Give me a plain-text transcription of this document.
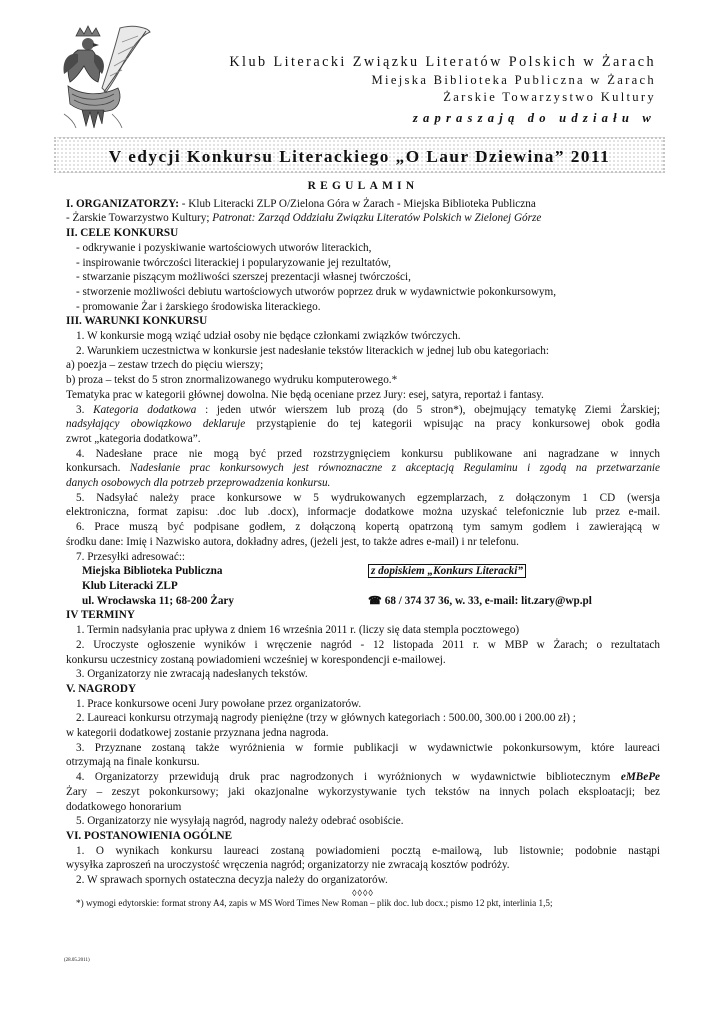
Klub Literacki Związku Literatów Polskich w Żarach
Miejska Biblioteka Publiczna w Żarach
Żarskie Towarzystwo Kultury
zapraszają do udziału w
V edycji Konkursu Literackiego „O Laur Dziewina” 2011
REGULAMIN
I. ORGANIZATORZY: - Klub Literacki ZLP O/Zielona Góra w Żarach - Miejska Biblioteka Publiczna
- Żarskie Towarzystwo Kultury; Patronat: Zarząd Oddziału Związku Literatów Polskich w Zielonej Górze
II. CELE KONKURSU
- odkrywanie i pozyskiwanie wartościowych utworów literackich,
- inspirowanie twórczości literackiej i popularyzowanie jej rezultatów,
- stwarzanie piszącym możliwości szerszej prezentacji własnej twórczości,
- stworzenie możliwości debiutu wartościowych utworów poprzez druk w wydawnictwie pokonkursowym,
- promowanie Żar i żarskiego środowiska literackiego.
III. WARUNKI KONKURSU
1. W konkursie mogą wziąć udział osoby nie będące członkami związków twórczych.
2. Warunkiem uczestnictwa w konkursie jest nadesłanie tekstów literackich w jednej lub obu kategoriach:
a) poezja – zestaw trzech do pięciu wierszy;
b) proza – tekst do 5 stron znormalizowanego wydruku komputerowego.*
Tematyka prac w kategorii głównej dowolna. Nie będą oceniane przez Jury: esej, satyra, reportaż i fantasy.
3. Kategoria dodatkowa : jeden utwór wierszem lub prozą (do 5 stron*), obejmujący tematykę Ziemi Żarskiej;
nadsyłający obowiązkowo deklaruje przystąpienie do tej kategorii wpisując na pracy konkursowej obok godła
zwrot „kategoria dodatkowa”.
4. Nadesłane prace nie mogą być przed rozstrzygnięciem konkursu publikowane ani nagradzane w innych
konkursach. Nadesłanie prac konkursowych jest równoznaczne z akceptacją Regulaminu i zgodą na przetwarzanie
danych osobowych dla potrzeb przeprowadzenia konkursu.
5. Nadsyłać należy prace konkursowe w 5 wydrukowanych egzemplarzach, z dołączonym 1 CD (wersja
elektroniczna, format zapisu: .doc lub .docx), informacje dodatkowe można uzyskać telefonicznie lub przez e-mail.
6. Prace muszą być podpisane godłem, z dołączoną kopertą opatrzoną tym samym godłem i zawierającą w
środku dane: Imię i Nazwisko autora, dokładny adres, (jeżeli jest, to także adres e-mail) i nr telefonu.
7. Przesyłki adresować::
Miejska Biblioteka Publiczna	z dopiskiem „Konkurs Literacki”
Klub Literacki ZLP
ul. Wrocławska 11; 68-200 Żary	☎ 68 / 374 37 36, w. 33, e-mail: lit.zary@wp.pl
IV TERMINY
1. Termin nadsyłania prac upływa z dniem 16 września 2011 r. (liczy się data stempla pocztowego)
2. Uroczyste ogłoszenie wyników i wręczenie nagród - 12 listopada 2011 r. w MBP w Żarach; o rezultatach
konkursu uczestnicy zostaną powiadomieni wcześniej w korespondencji e-mailowej.
3. Organizatorzy nie zwracają nadesłanych tekstów.
V. NAGRODY
1. Prace konkursowe oceni Jury powołane przez organizatorów.
2. Laureaci konkursu otrzymają nagrody pieniężne (trzy w głównych kategoriach : 500.00, 300.00 i 200.00 zł) ;
w kategorii dodatkowej zostanie przyznana jedna nagroda.
3. Przyznane zostaną także wyróżnienia w formie publikacji w wydawnictwie pokonkursowym, które laureaci
otrzymają na finale konkursu.
4. Organizatorzy przewidują druk prac nagrodzonych i wyróżnionych w wydawnictwie bibliotecznym eMBePe
Żary – zeszyt pokonkursowy; jaki okazjonalne wykorzystywanie tych tekstów na innych polach eksploatacji; bez
dodatkowego honorarium
5. Organizatorzy nie wysyłają nagród, nagrody należy odebrać osobiście.
VI. POSTANOWIENIA OGÓLNE
1. O wynikach konkursu laureaci zostaną powiadomieni pocztą e-mailową, lub listownie; podobnie nastąpi
wysyłka zaproszeń na uroczystość wręczenia nagród; organizatorzy nie zwracają kosztów podróży.
2. W sprawach spornych ostateczna decyzja należy do organizatorów.
◊◊◊◊
*) wymogi edytorskie: format strony A4, zapis w MS Word Times New Roman – plik doc. lub docx.; pismo 12 pkt, interlinia 1,5;
(28.05.2011)
